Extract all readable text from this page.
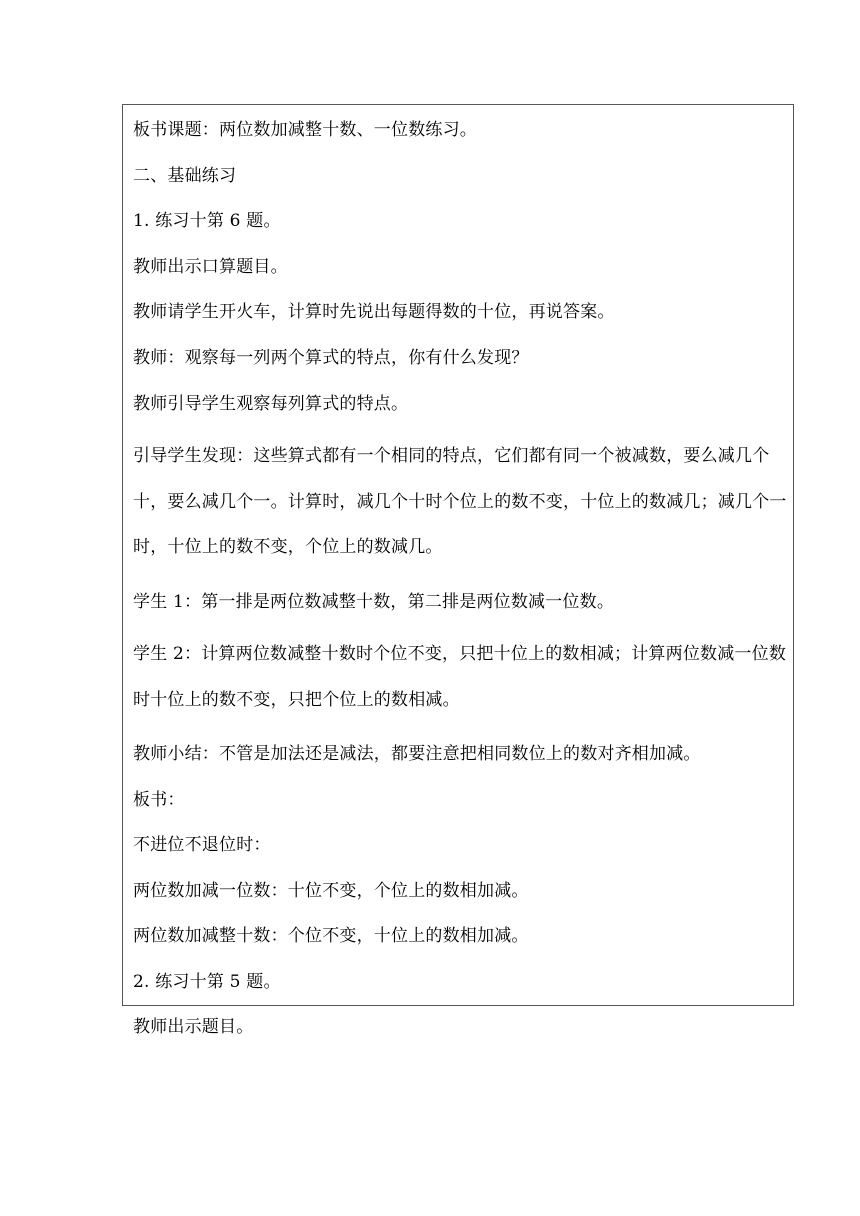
板书课题：两位数加减整十数、一位数练习。
二、基础练习
1. 练习十第 6 题。
教师出示口算题目。
教师请学生开火车，计算时先说出每题得数的十位，再说答案。
教师：观察每一列两个算式的特点，你有什么发现？
教师引导学生观察每列算式的特点。
引导学生发现：这些算式都有一个相同的特点，它们都有同一个被减数，要么减几个十，要么减几个一。计算时，减几个十时个位上的数不变，十位上的数减几；减几个一时，十位上的数不变，个位上的数减几。
学生 1：第一排是两位数减整十数，第二排是两位数减一位数。
学生 2：计算两位数减整十数时个位不变，只把十位上的数相减；计算两位数减一位数时十位上的数不变，只把个位上的数相减。
教师小结：不管是加法还是减法，都要注意把相同数位上的数对齐相加减。
板书：
不进位不退位时：
两位数加减一位数：十位不变，个位上的数相加减。
两位数加减整十数：个位不变，十位上的数相加减。
2. 练习十第 5 题。
教师出示题目。
